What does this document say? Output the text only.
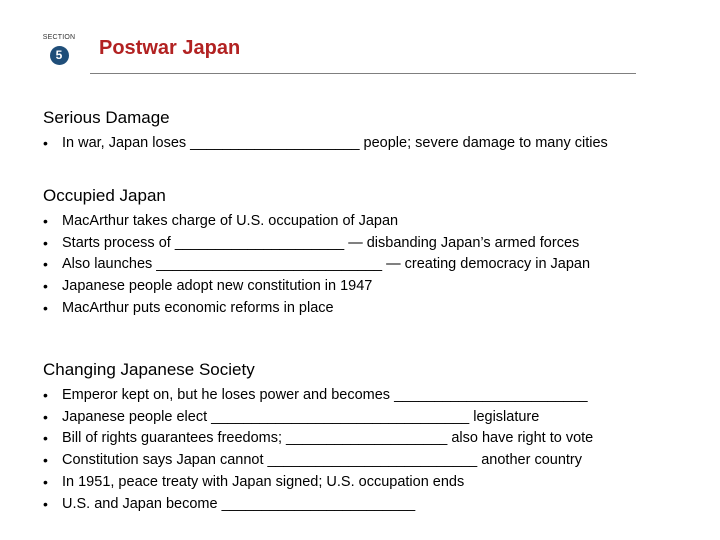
SECTION
5	Postwar Japan
Serious Damage
• In war, Japan loses _____________________ people; severe damage to many cities
Occupied Japan
• MacArthur takes charge of U.S. occupation of Japan
• Starts process of _____________________ — disbanding Japan’s armed forces
• Also launches ____________________________ — creating democracy in Japan
• Japanese people adopt new constitution in 1947
• MacArthur puts economic reforms in place
Changing Japanese Society
• Emperor kept on, but he loses power and becomes ________________________
• Japanese people elect ________________________________ legislature
• Bill of rights guarantees freedoms; ____________________ also have right to vote
• Constitution says Japan cannot __________________________ another country
• In 1951, peace treaty with Japan signed; U.S. occupation ends
• U.S. and Japan become ________________________
